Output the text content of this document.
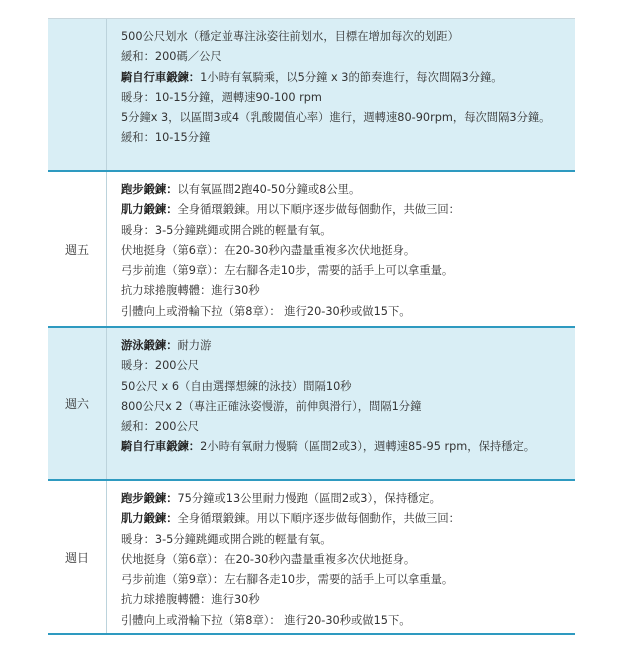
500公尺划水（穩定並專注泳姿往前划水，目標在增加每次的划距）
緩和：200碼／公尺
騎自行車鍛鍊：1小時有氧騎乘，以5分鐘 x 3的節奏進行，每次間隔3分鐘。
暖身：10-15分鐘，週轉速90-100 rpm
5分鐘x 3，以區間3或4（乳酸閾值心率）進行，週轉速80-90rpm，每次間隔3分鐘。
緩和：10-15分鐘
週五
跑步鍛鍊：以有氧區間2跑40-50分鐘或8公里。
肌力鍛鍊：全身循環鍛鍊。用以下順序逐步做每個動作，共做三回：
暖身：3-5分鐘跳繩或開合跳的輕量有氧。
伏地挺身（第6章）：在20-30秒內盡量重複多次伏地挺身。
弓步前進（第9章）：左右腳各走10步，需要的話手上可以拿重量。
抗力球捲腹轉體：進行30秒
引體向上或滑輪下拉（第8章）： 進行20-30秒或做15下。
週六
游泳鍛鍊：耐力游
暖身：200公尺
50公尺 x 6（自由選擇想練的泳技）間隔10秒
800公尺x 2（專注正確泳姿慢游，前伸與滑行），間隔1分鐘
緩和：200公尺
騎自行車鍛鍊：2小時有氧耐力慢騎（區間2或3），週轉速85-95 rpm，保持穩定。
週日
跑步鍛鍊：75分鐘或13公里耐力慢跑（區間2或3），保持穩定。
肌力鍛鍊：全身循環鍛鍊。用以下順序逐步做每個動作，共做三回：
暖身：3-5分鐘跳繩或開合跳的輕量有氧。
伏地挺身（第6章）：在20-30秒內盡量重複多次伏地挺身。
弓步前進（第9章）：左右腳各走10步，需要的話手上可以拿重量。
抗力球捲腹轉體：進行30秒
引體向上或滑輪下拉（第8章）： 進行20-30秒或做15下。
